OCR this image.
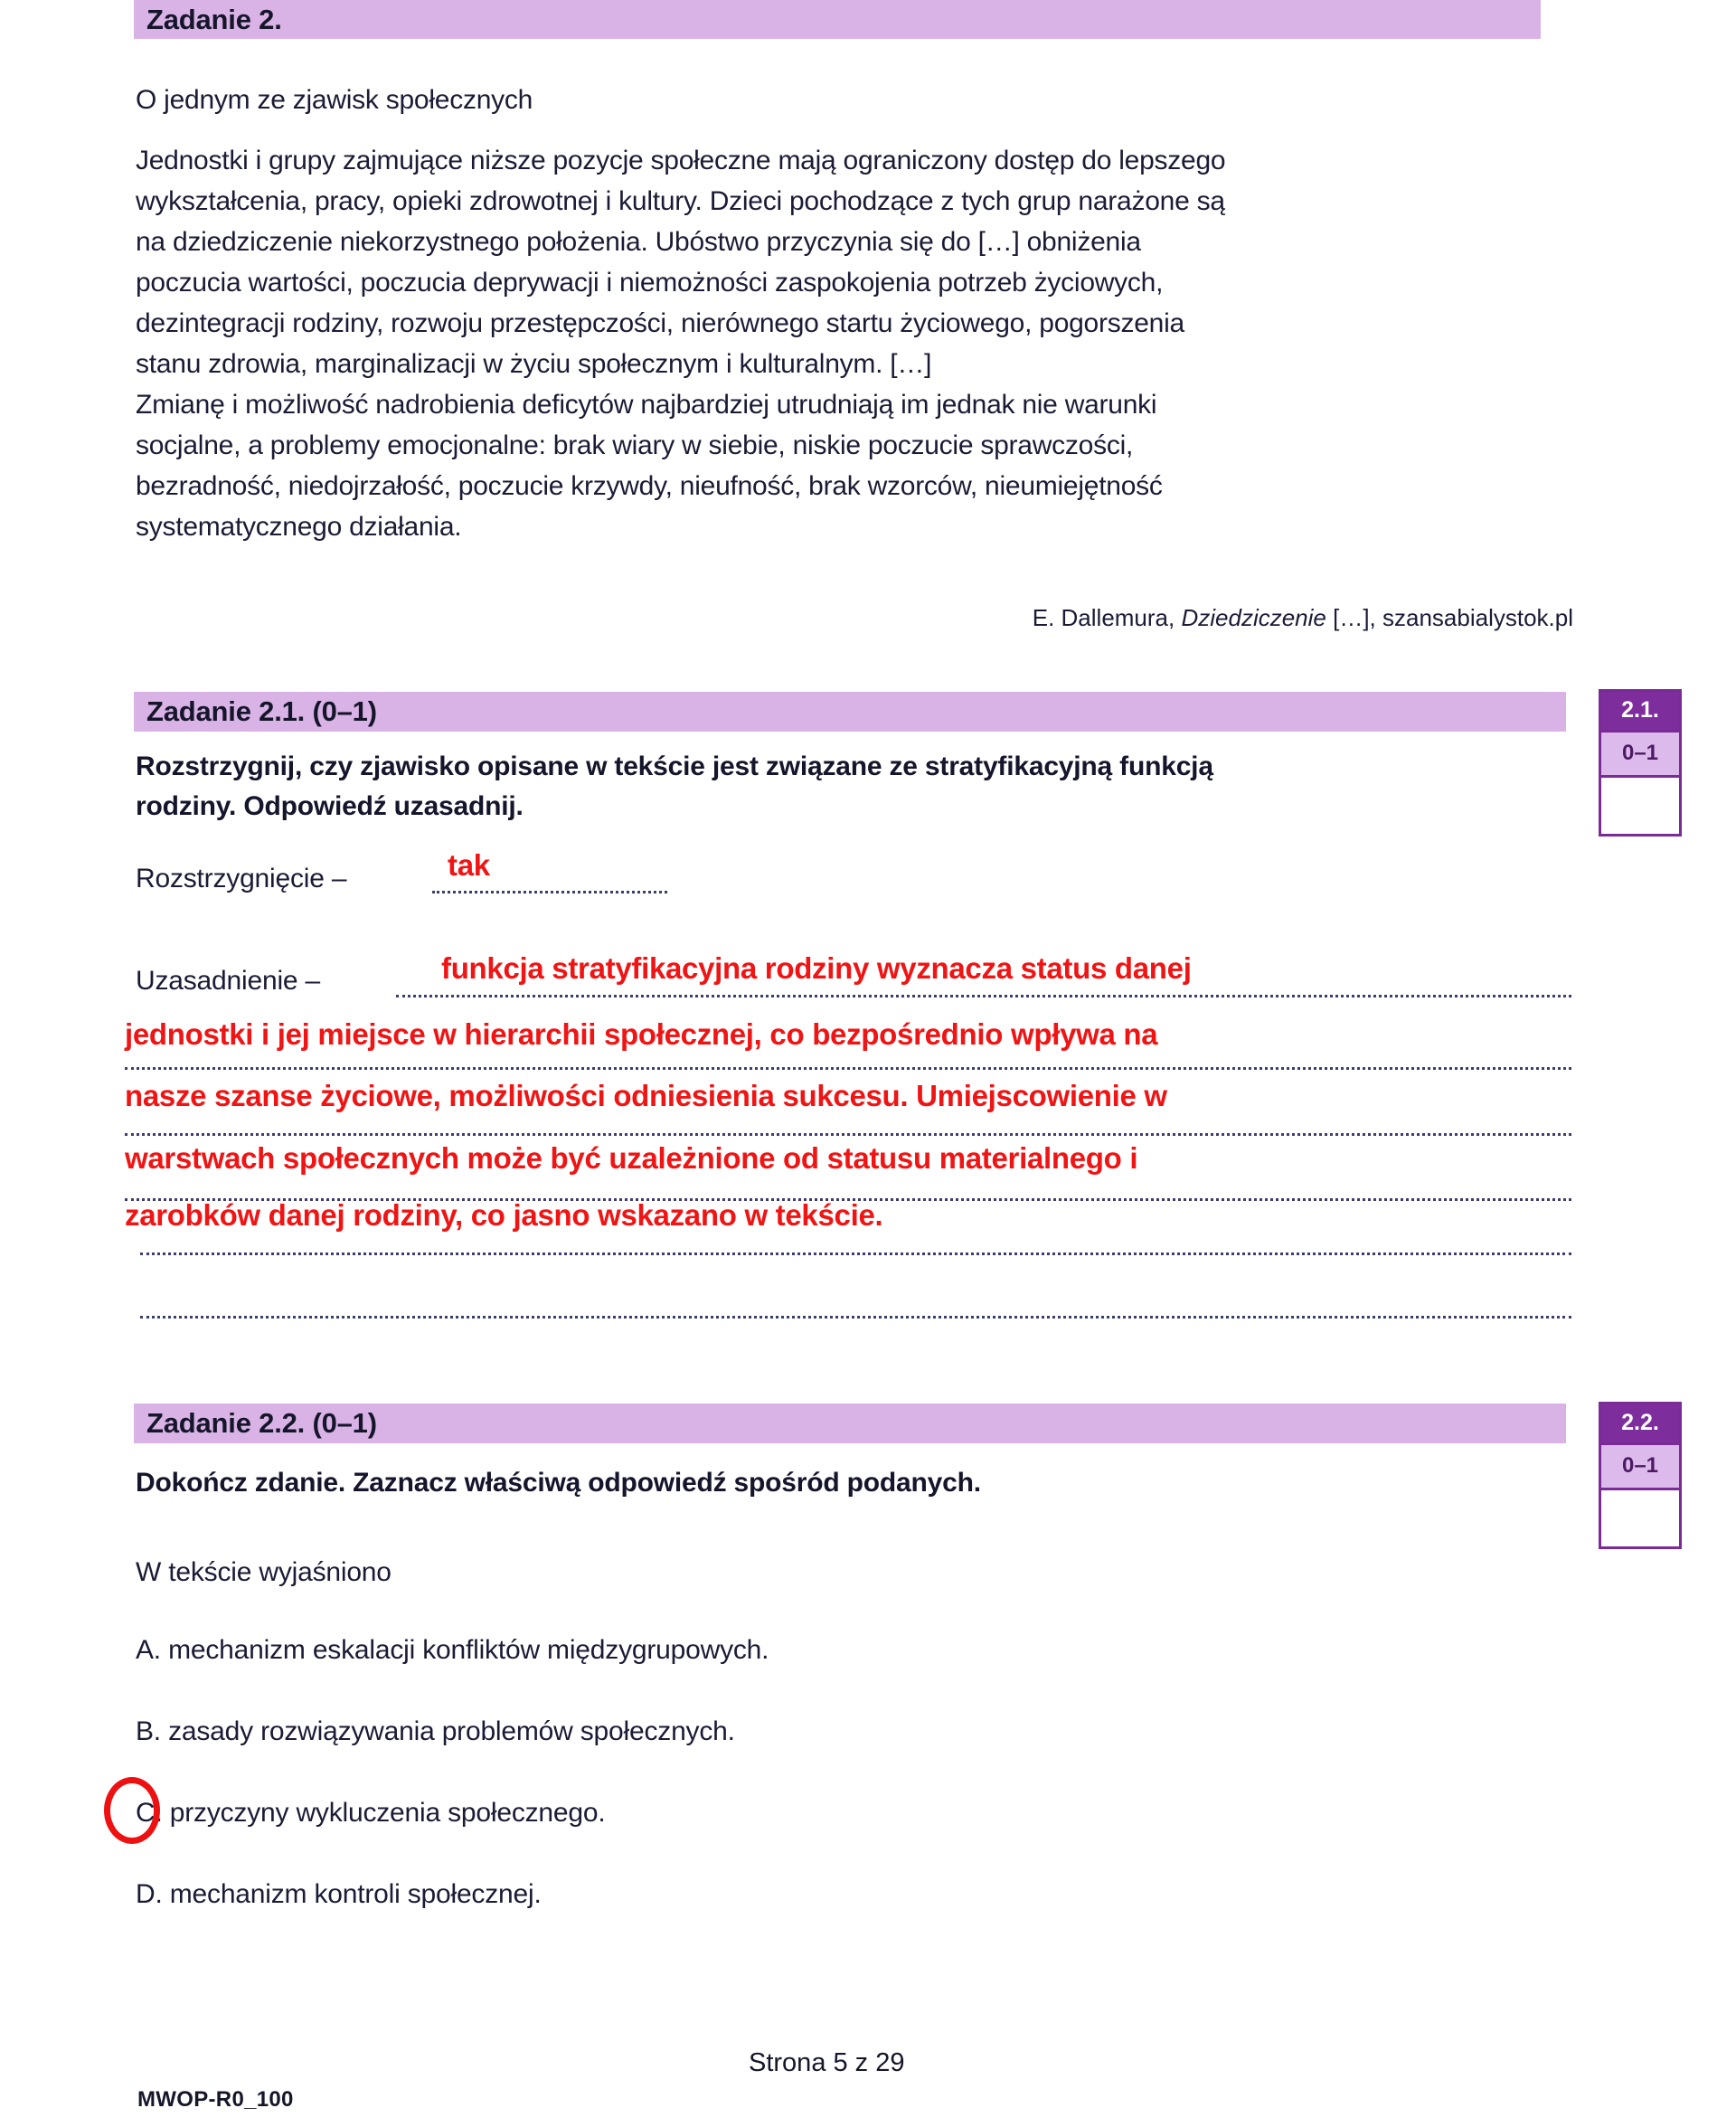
Zadanie 2.
O jednym ze zjawisk społecznych
Jednostki i grupy zajmujące niższe pozycje społeczne mają ograniczony dostęp do lepszego
wykształcenia, pracy, opieki zdrowotnej i kultury. Dzieci pochodzące z tych grup narażone są
na dziedziczenie niekorzystnego położenia. Ubóstwo przyczynia się do […] obniżenia
poczucia wartości, poczucia deprywacji i niemożności zaspokojenia potrzeb życiowych,
dezintegracji rodziny, rozwoju przestępczości, nierównego startu życiowego, pogorszenia
stanu zdrowia, marginalizacji w życiu społecznym i kulturalnym. […]
Zmianę i możliwość nadrobienia deficytów najbardziej utrudniają im jednak nie warunki
socjalne, a problemy emocjonalne: brak wiary w siebie, niskie poczucie sprawczości,
bezradność, niedojrzałość, poczucie krzywdy, nieufność, brak wzorców, nieumiejętność
systematycznego działania.
E. Dallemura, Dziedziczenie […], szansabialystok.pl
Zadanie 2.1. (0–1)
Rozstrzygnij, czy zjawisko opisane w tekście jest związane ze stratyfikacyjną funkcją
rodziny. Odpowiedź uzasadnij.
Rozstrzygnięcie –	tak
Uzasadnienie –	funkcja stratyfikacyjna rodziny wyznacza status danej
jednostki i jej miejsce w hierarchii społecznej, co bezpośrednio wpływa na
nasze szanse życiowe, możliwości odniesienia sukcesu. Umiejscowienie w
warstwach społecznych może być uzależnione od statusu materialnego i
zarobków danej rodziny, co jasno wskazano w tekście.
2.1.
0–1
Zadanie 2.2. (0–1)
Dokończ zdanie. Zaznacz właściwą odpowiedź spośród podanych.
W tekście wyjaśniono
A. mechanizm eskalacji konfliktów międzygrupowych.
B. zasady rozwiązywania problemów społecznych.
C. przyczyny wykluczenia społecznego.
D. mechanizm kontroli społecznej.
2.2.
0–1
Strona 5 z 29
MWOP-R0_100
